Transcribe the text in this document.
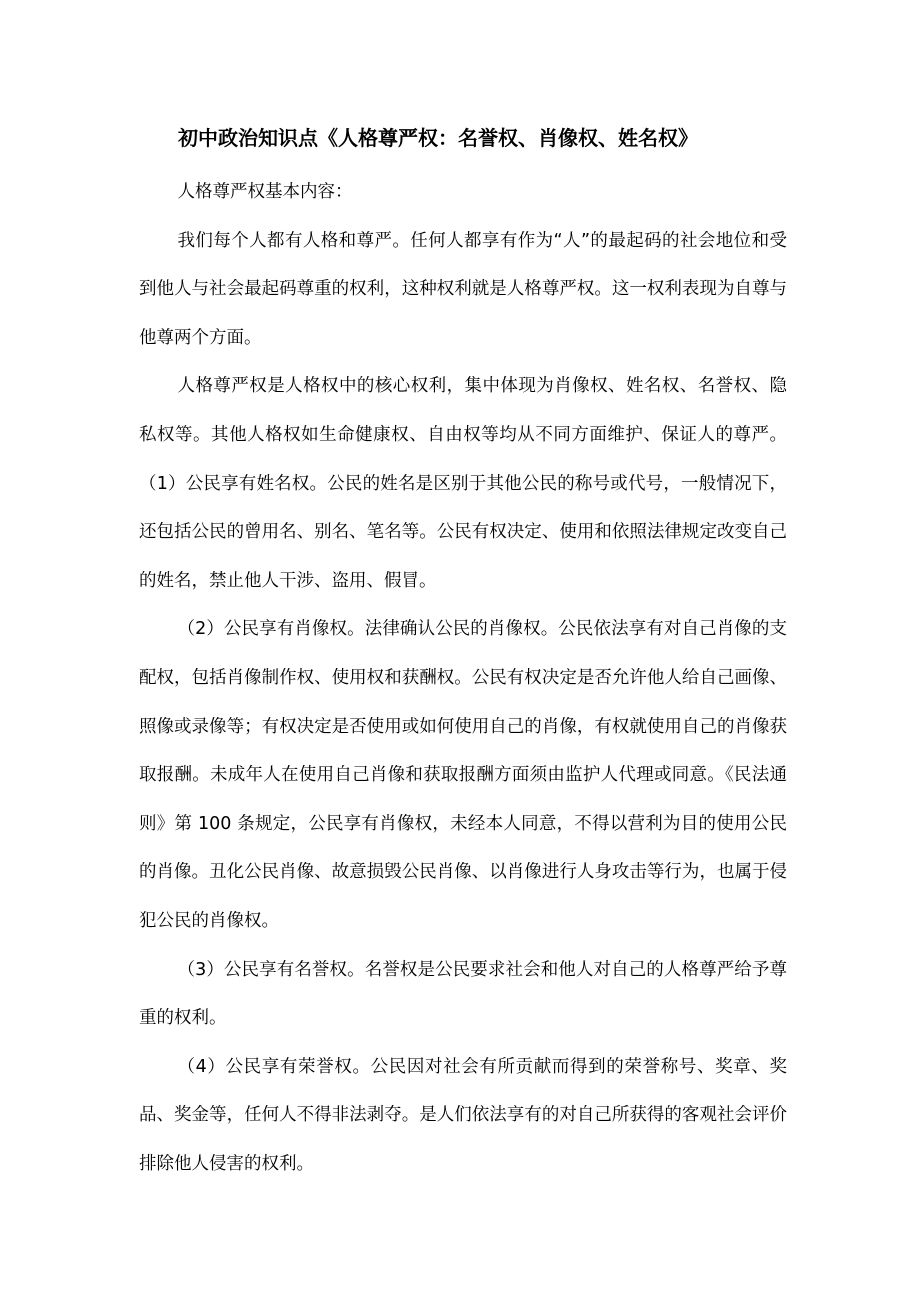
初中政治知识点《人格尊严权：名誉权、肖像权、姓名权》

人格尊严权基本内容：

我们每个人都有人格和尊严。任何人都享有作为“人”的最起码的社会地位和受到他人与社会最起码尊重的权利，这种权利就是人格尊严权。这一权利表现为自尊与他尊两个方面。

人格尊严权是人格权中的核心权利，集中体现为肖像权、姓名权、名誉权、隐私权等。其他人格权如生命健康权、自由权等均从不同方面维护、保证人的尊严。（1）公民享有姓名权。公民的姓名是区别于其他公民的称号或代号，一般情况下，还包括公民的曾用名、别名、笔名等。公民有权决定、使用和依照法律规定改变自己的姓名，禁止他人干涉、盗用、假冒。

（2）公民享有肖像权。法律确认公民的肖像权。公民依法享有对自己肖像的支配权，包括肖像制作权、使用权和获酬权。公民有权决定是否允许他人给自己画像、照像或录像等；有权决定是否使用或如何使用自己的肖像，有权就使用自己的肖像获取报酬。未成年人在使用自己肖像和获取报酬方面须由监护人代理或同意。《民法通则》第 100 条规定，公民享有肖像权，未经本人同意，不得以营利为目的使用公民的肖像。丑化公民肖像、故意损毁公民肖像、以肖像进行人身攻击等行为，也属于侵犯公民的肖像权。

（3）公民享有名誉权。名誉权是公民要求社会和他人对自己的人格尊严给予尊重的权利。

（4）公民享有荣誉权。公民因对社会有所贡献而得到的荣誉称号、奖章、奖品、奖金等，任何人不得非法剥夺。是人们依法享有的对自己所获得的客观社会评价排除他人侵害的权利。
